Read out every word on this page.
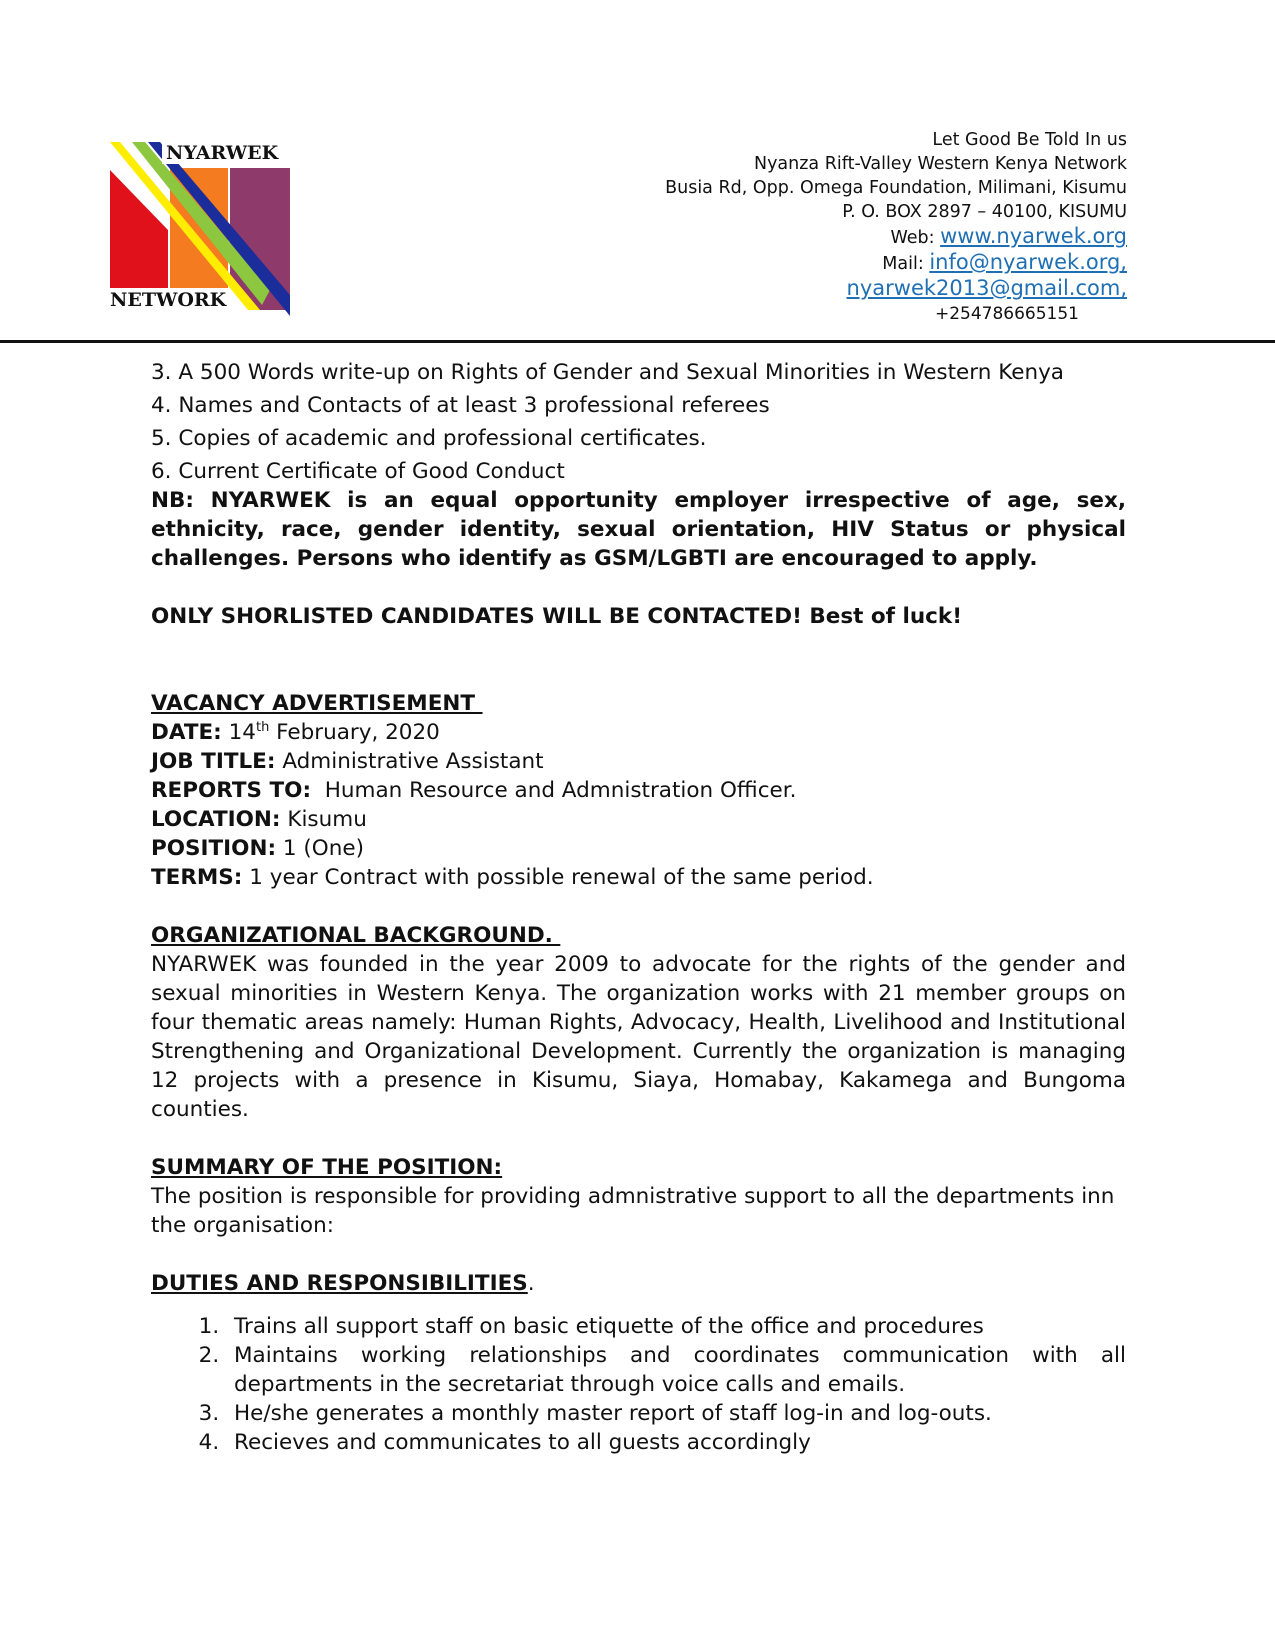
NYARWEK
NETWORK
Let Good Be Told In us
Nyanza Rift-Valley Western Kenya Network
Busia Rd, Opp. Omega Foundation, Milimani, Kisumu
P. O. BOX 2897 – 40100, KISUMU
Web: www.nyarwek.org
Mail: info@nyarwek.org,
nyarwek2013@gmail.com,
+254786665151

3. A 500 Words write-up on Rights of Gender and Sexual Minorities in Western Kenya

4. Names and Contacts of at least 3 professional referees

5. Copies of academic and professional certificates.

6. Current Certificate of Good Conduct

NB: NYARWEK is an equal opportunity employer irrespective of age, sex, ethnicity, race, gender identity, sexual orientation, HIV Status or physical challenges. Persons who identify as GSM/LGBTI are encouraged to apply.

ONLY SHORLISTED CANDIDATES WILL BE CONTACTED! Best of luck!

VACANCY ADVERTISEMENT

DATE: 14th February, 2020

JOB TITLE: Administrative Assistant

REPORTS TO: Human Resource and Admnistration Officer.

LOCATION: Kisumu

POSITION: 1 (One)

TERMS: 1 year Contract with possible renewal of the same period.

ORGANIZATIONAL BACKGROUND.

NYARWEK was founded in the year 2009 to advocate for the rights of the gender and sexual minorities in Western Kenya. The organization works with 21 member groups on four thematic areas namely: Human Rights, Advocacy, Health, Livelihood and Institutional Strengthening and Organizational Development. Currently the organization is managing 12 projects with a presence in Kisumu, Siaya, Homabay, Kakamega and Bungoma counties.

SUMMARY OF THE POSITION:

The position is responsible for providing admnistrative support to all the departments inn the organisation:

DUTIES AND RESPONSIBILITIES.

1. Trains all support staff on basic etiquette of the office and procedures
2. Maintains working relationships and coordinates communication with all departments in the secretariat through voice calls and emails.
3. He/she generates a monthly master report of staff log-in and log-outs.
4. Recieves and communicates to all guests accordingly
